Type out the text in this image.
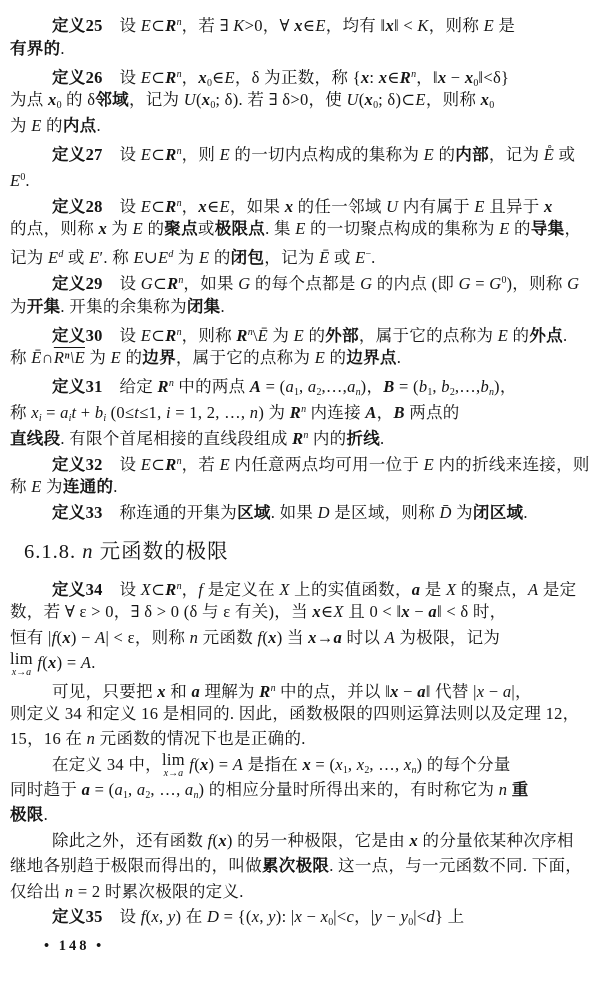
定义25　设 $E\subset R^n$，若 ∃ K>0，∀ x∈E，均有 ‖x‖ < K，则称 E 是
有界的.
定义26　设 $E\subset R^n$，$x_0\in E$，δ 为正数，称 {x: $x\in R^n$，‖x − $x_0‖<\delta$}
为点 $x_0$ 的 δ邻域，记为 $U(x_0$; δ). 若 ∃ δ>0，使 $U(x_0$; δ)⊂E，则称 $x_0$
为 E 的内点.
定义27　设 $E\subset R^n$，则 E 的一切内点构成的集称为 E 的内部，记为 E̊ 或
$E^0$.
定义28　设 $E\subset R^n$，x∈E，如果 x 的任一邻域 U 内有属于 E 且异于 x
的点，则称 x 为 E 的聚点或极限点. 集 E 的一切聚点构成的集称为 E 的导集，
记为 $E^d$ 或 E′. 称 $E\cup E^d$ 为 E 的闭包，记为 Ē 或 E−.
定义29　设 $G\subset R^n$，如果 G 的每个点都是 G 的内点 (即 $G = G^0$)，则称 G
为开集. 开集的余集称为闭集.
定义30　设 $E\subset R^n$，则称 $R^n\backslash Ē$ 为 E 的外部，属于它的点称为 E 的外点.
称 Ē∩Rⁿ\E 为 E 的边界，属于它的点称为 E 的边界点.
定义31　给定 $R^n$ 中的两点 $A = (a_1$, $a_2,\dots,a_n$)，$B = (b_1$, $b_2,\dots,b_n$)，
称 $x_i = a_it + b_i$ (0≤t≤1, i = 1, 2, …, n) 为 $R^n$ 内连接 A，B 两点的
直线段. 有限个首尾相接的直线段组成 $R^n$ 内的折线.
定义32　设 $E\subset R^n$，若 E 内任意两点均可用一位于 E 内的折线来连接，则
称 E 为连通的.
定义33　称连通的开集为区域. 如果 D 是区域，则称 D̄ 为闭区域.
6.1.8. n 元函数的极限
定义34　设 $X\subset R^n$，f 是定义在 X 上的实值函数，a 是 X 的聚点，A 是定
数，若 ∀ ε > 0，∃ δ > 0 (δ 与 ε 有关)，当 x∈X 且 0 < ‖x − a‖ < δ 时，
恒有 |f(x) − A| < ε，则称 n 元函数 f(x) 当 x→a 时以 A 为极限，记为
lim
x→a
f(x) = A.
可见，只要把 x 和 a 理解为 $R^n$ 中的点，并以 ‖x − a‖ 代替 |x − a|，
则定义 34 和定义 16 是相同的. 因此，函数极限的四则运算法则以及定理 12，
15，16 在 n 元函数的情况下也是正确的.
在定义 34 中， lim
x→a
f(x) = A 是指在 $x = (x_1$, $x_2$, …, $x_n$) 的每个分量
同时趋于 $a = (a_1$, $a_2$, …, $a_n$) 的相应分量时所得出来的，有时称它为 n 重
极限.
除此之外，还有函数 f(x) 的另一种极限，它是由 x 的分量依某种次序相
继地各别趋于极限而得出的，叫做累次极限. 这一点，与一元函数不同. 下面，
仅给出 n = 2 时累次极限的定义.
定义35　设 f(x, y) 在 D = {(x, y): $|x - x_0|<c$，$|y - y_0|<d$} 上
• 148 •
